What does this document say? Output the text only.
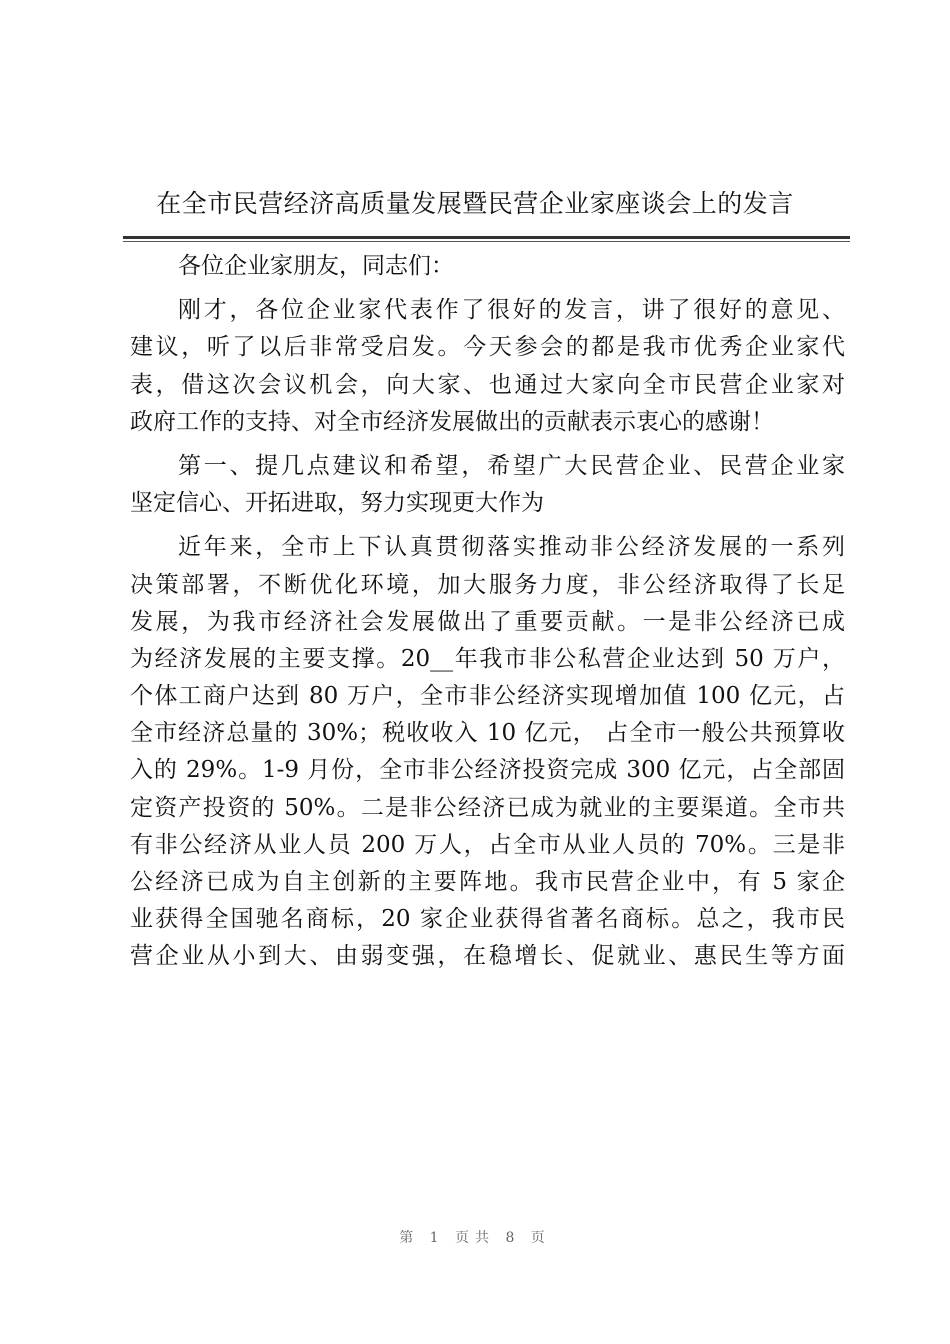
在全市民营经济高质量发展暨民营企业家座谈会上的发言
各位企业家朋友，同志们：
刚才，各位企业家代表作了很好的发言，讲了很好的意见、
建议，听了以后非常受启发。今天参会的都是我市优秀企业家代
表，借这次会议机会，向大家、也通过大家向全市民营企业家对
政府工作的支持、对全市经济发展做出的贡献表示衷心的感谢！
第一、提几点建议和希望，希望广大民营企业、民营企业家
坚定信心、开拓进取，努力实现更大作为
近年来，全市上下认真贯彻落实推动非公经济发展的一系列
决策部署，不断优化环境，加大服务力度，非公经济取得了长足
发展，为我市经济社会发展做出了重要贡献。一是非公经济已成
为经济发展的主要支撑。20__年我市非公私营企业达到 50 万户，
个体工商户达到 80 万户，全市非公经济实现增加值 100 亿元，占
全市经济总量的 30%；税收收入 10 亿元， 占全市一般公共预算收
入的 29%。1-9 月份，全市非公经济投资完成 300 亿元，占全部固
定资产投资的 50%。二是非公经济已成为就业的主要渠道。全市共
有非公经济从业人员 200 万人，占全市从业人员的 70%。三是非
公经济已成为自主创新的主要阵地。我市民营企业中，有 5 家企
业获得全国驰名商标，20 家企业获得省著名商标。总之，我市民
营企业从小到大、由弱变强，在稳增长、促就业、惠民生等方面
第 1 页共 8 页
